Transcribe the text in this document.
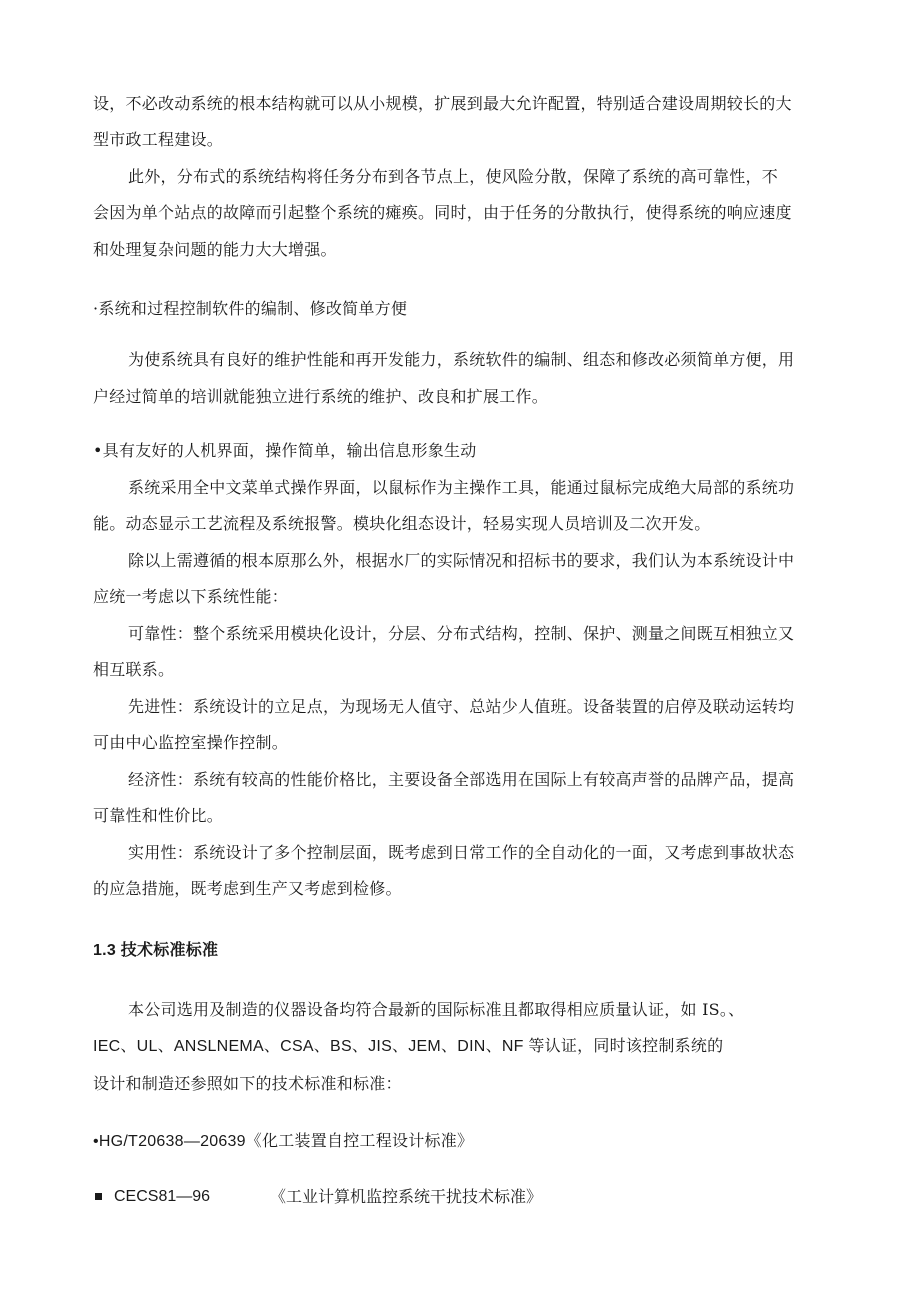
设，不必改动系统的根本结构就可以从小规模，扩展到最大允许配置，特别适合建设周期较长的大
型市政工程建设。
此外，分布式的系统结构将任务分布到各节点上，使风险分散，保障了系统的高可靠性，不
会因为单个站点的故障而引起整个系统的瘫痪。同时，由于任务的分散执行，使得系统的响应速度
和处理复杂问题的能力大大增强。
·系统和过程控制软件的编制、修改简单方便
为使系统具有良好的维护性能和再开发能力，系统软件的编制、组态和修改必须简单方便，用
户经过简单的培训就能独立进行系统的维护、改良和扩展工作。
•具有友好的人机界面，操作简单，输出信息形象生动
系统采用全中文菜单式操作界面，以鼠标作为主操作工具，能通过鼠标完成绝大局部的系统功
能。动态显示工艺流程及系统报警。模块化组态设计，轻易实现人员培训及二次开发。
除以上需遵循的根本原那么外，根据水厂的实际情况和招标书的要求，我们认为本系统设计中
应统一考虑以下系统性能：
可靠性：整个系统采用模块化设计，分层、分布式结构，控制、保护、测量之间既互相独立又
相互联系。
先进性：系统设计的立足点，为现场无人值守、总站少人值班。设备装置的启停及联动运转均
可由中心监控室操作控制。
经济性：系统有较高的性能价格比，主要设备全部选用在国际上有较高声誉的品牌产品，提高
可靠性和性价比。
实用性：系统设计了多个控制层面，既考虑到日常工作的全自动化的一面，又考虑到事故状态
的应急措施，既考虑到生产又考虑到检修。
1.3 技术标准标准
本公司选用及制造的仪器设备均符合最新的国际标准且都取得相应质量认证，如 IS。、
IEC、UL、ANSLNEMA、CSA、BS、JIS、JEM、DIN、NF 等认证，同时该控制系统的
设计和制造还参照如下的技术标准和标准：
•HG/T20638—20639《化工装置自控工程设计标准》
CECS81—96	《工业计算机监控系统干扰技术标准》
